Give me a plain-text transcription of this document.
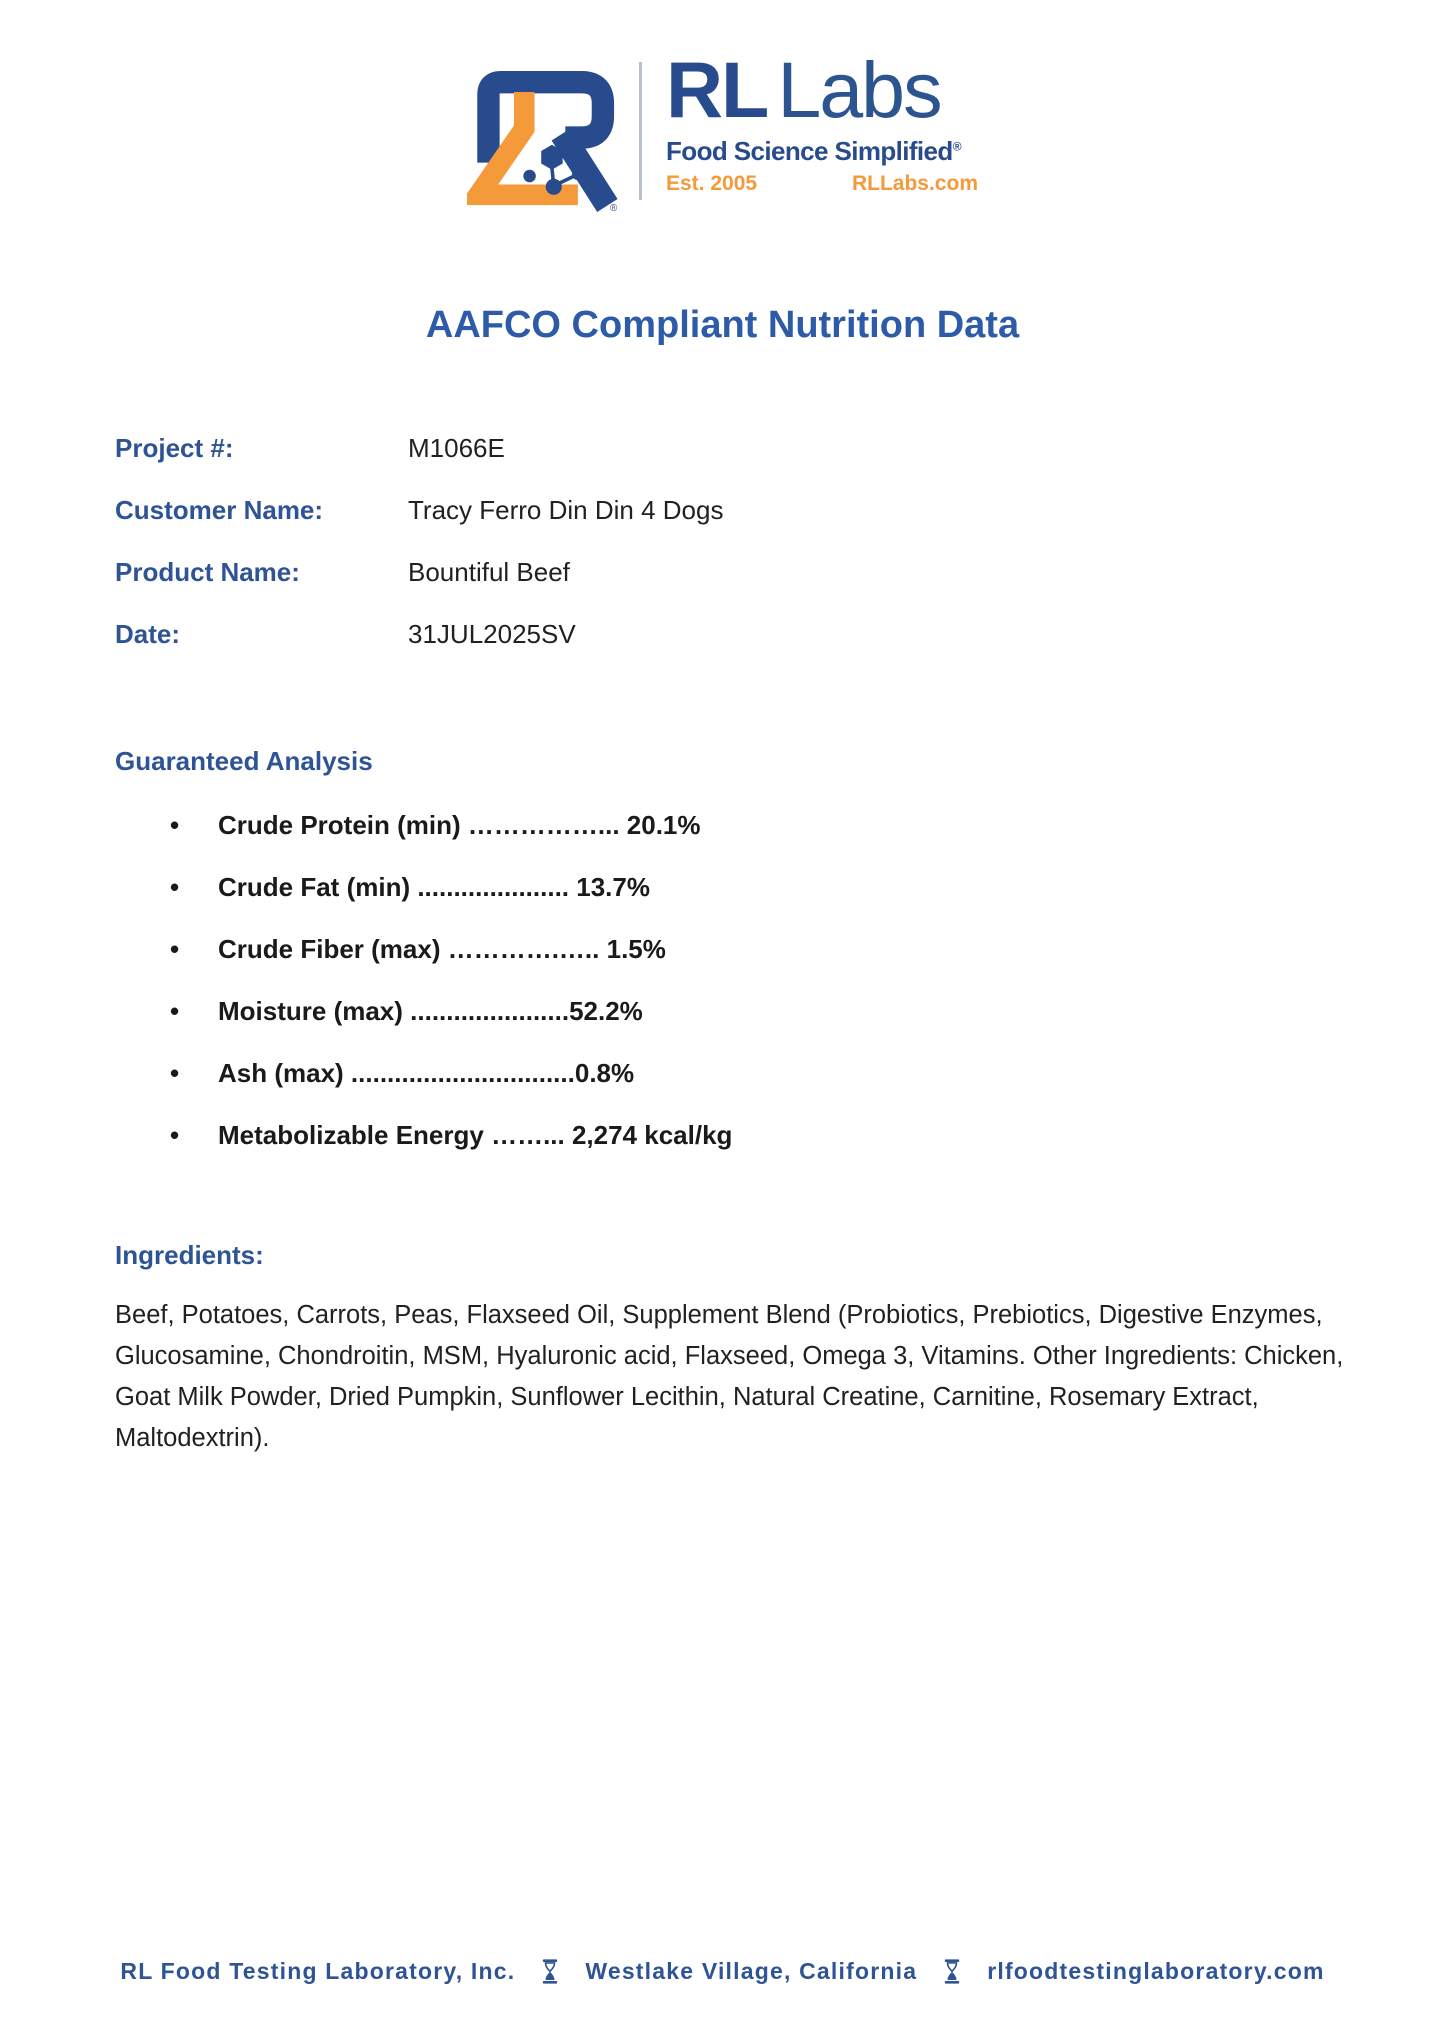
®
RL Labs
Food Science Simplified®
Est. 2005	RLLabs.com
AAFCO Compliant Nutrition Data
Project #:	M1066E
Customer Name:	Tracy Ferro Din Din 4 Dogs
Product Name:	Bountiful Beef
Date:	31JUL2025SV
Guaranteed Analysis
• Crude Protein (min) ……………... 20.1%
• Crude Fat (min) ..................... 13.7%
• Crude Fiber (max) ………….….. 1.5%
• Moisture (max) ......................52.2%
• Ash (max) ...............................0.8%
• Metabolizable Energy ……... 2,274 kcal/kg
Ingredients:

Beef, Potatoes, Carrots, Peas, Flaxseed Oil, Supplement Blend (Probiotics, Prebiotics, Digestive Enzymes, Glucosamine, Chondroitin, MSM, Hyaluronic acid, Flaxseed, Omega 3, Vitamins. Other Ingredients: Chicken, Goat Milk Powder, Dried Pumpkin, Sunflower Lecithin, Natural Creatine, Carnitine, Rosemary Extract, Maltodextrin).

RL Food Testing Laboratory, Inc.	Westlake Village, California	rlfoodtestinglaboratory.com
